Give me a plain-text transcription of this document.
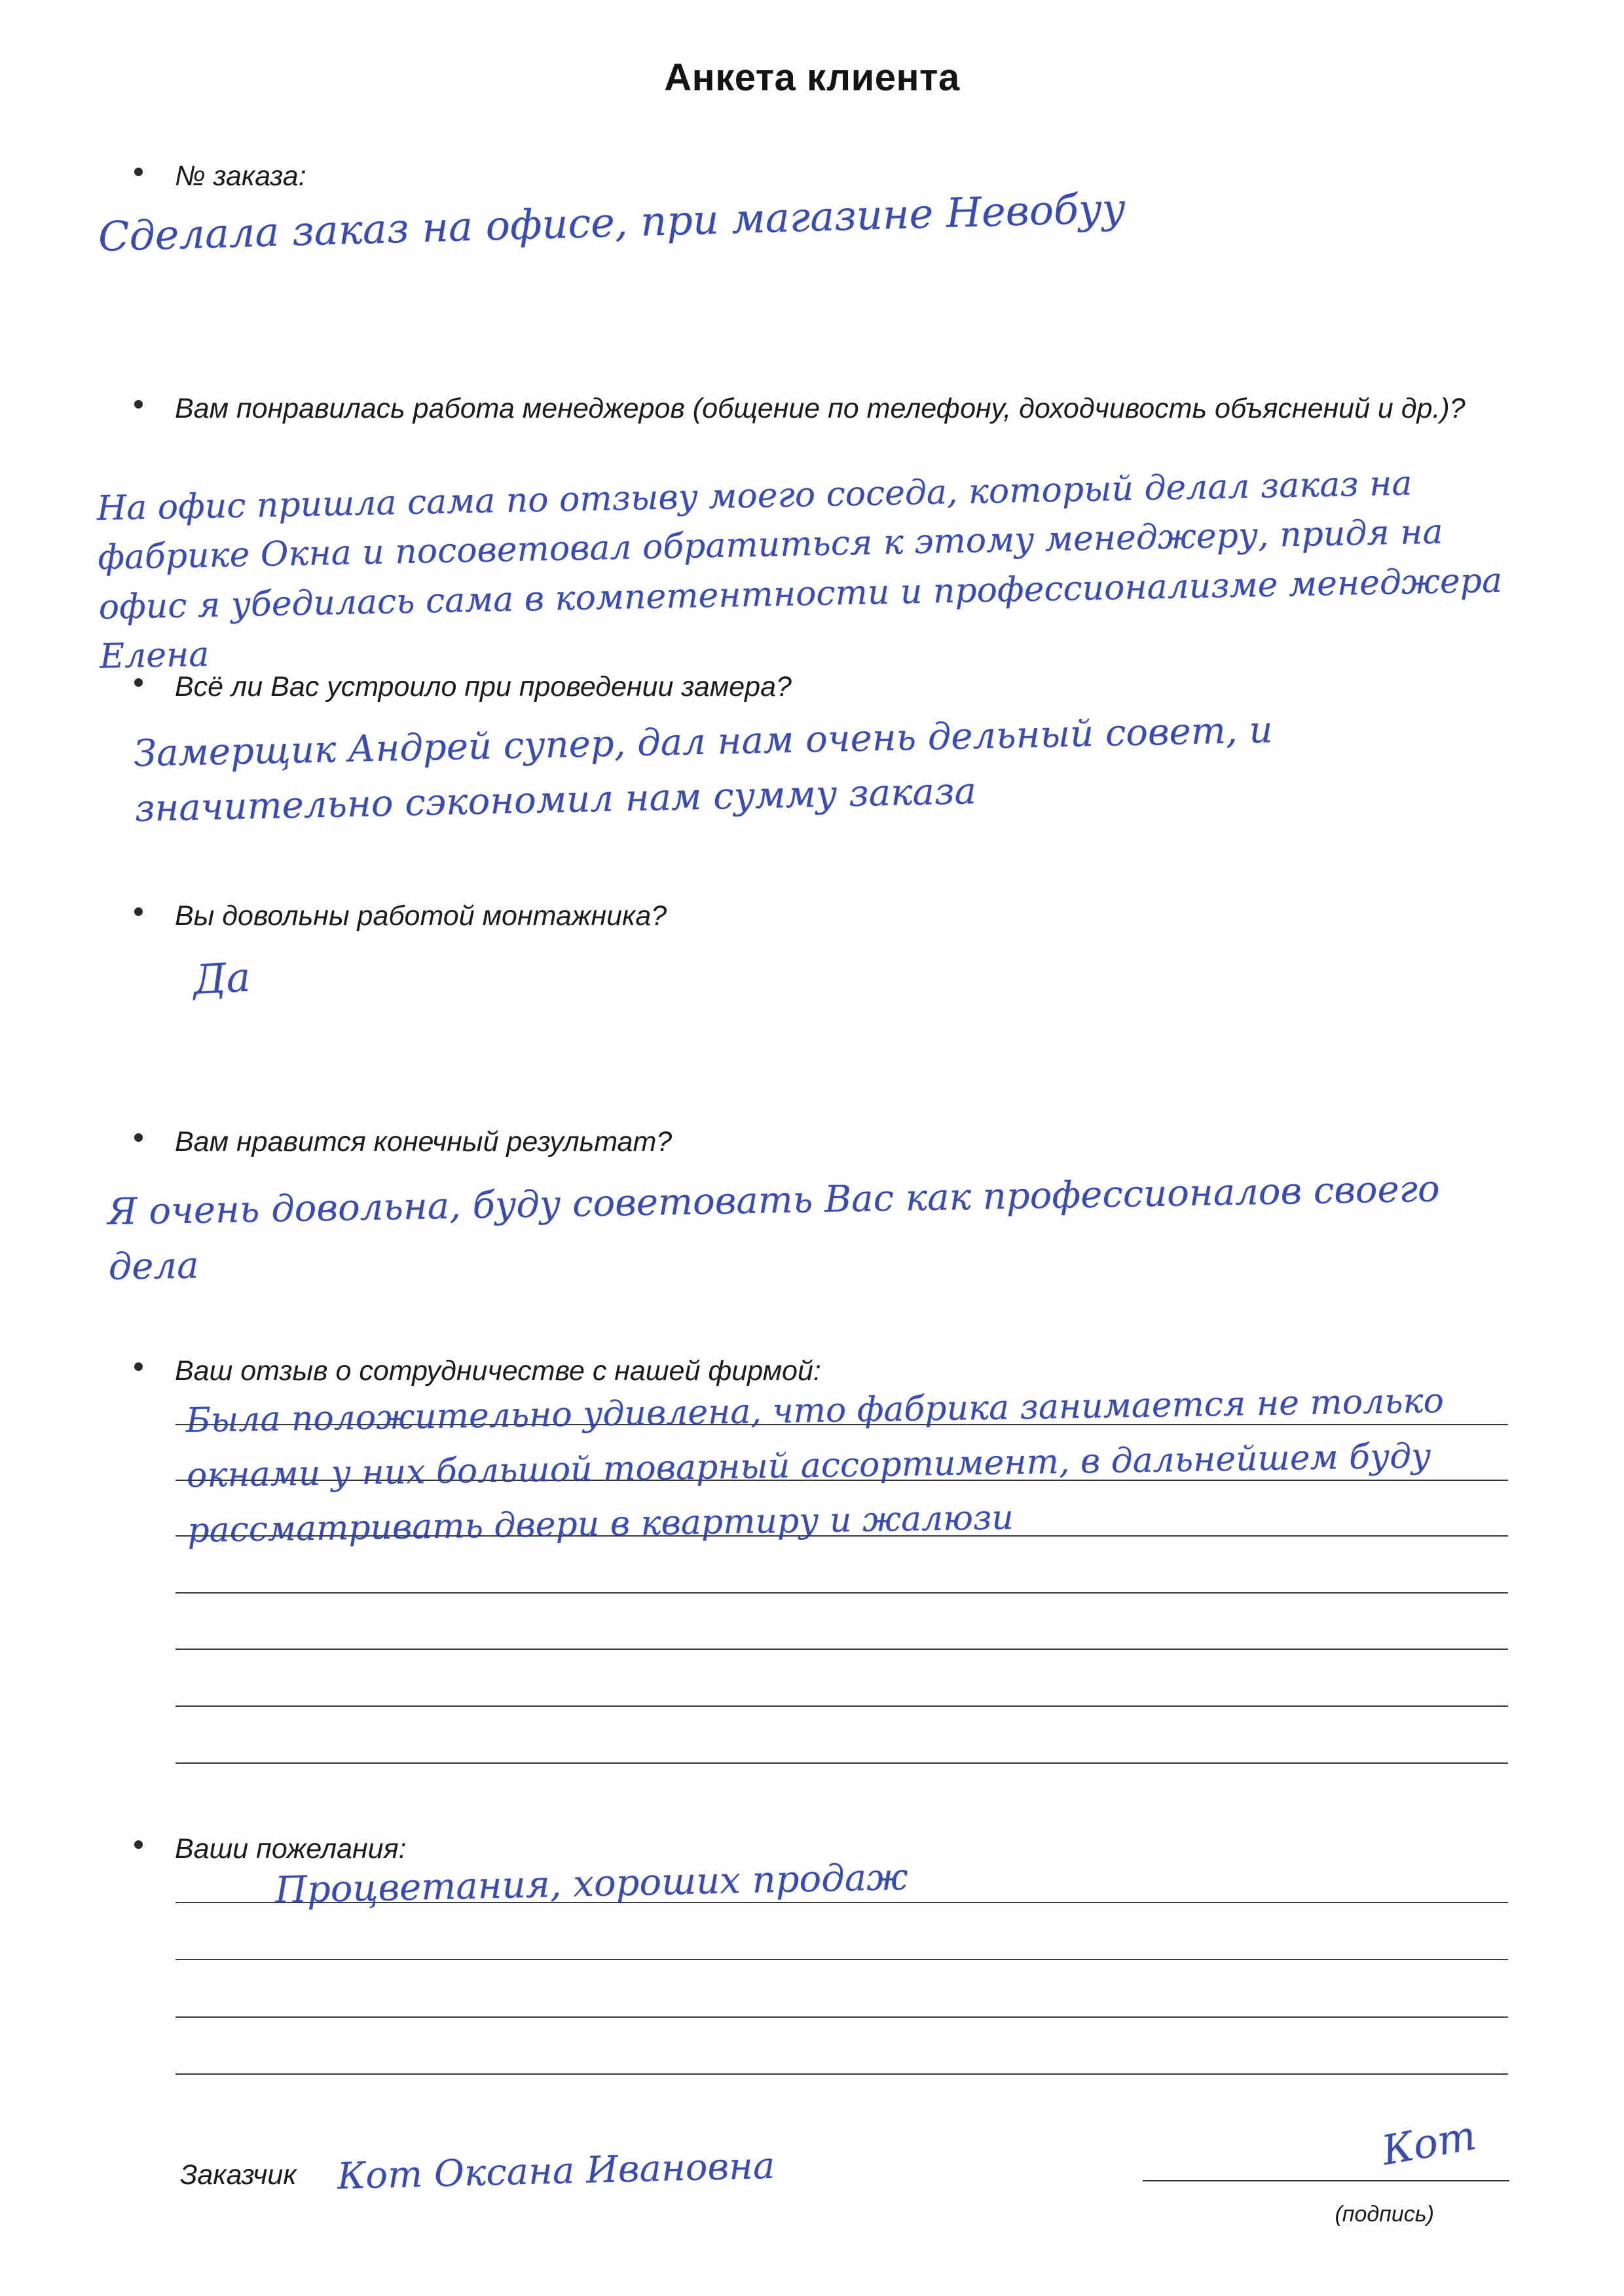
Анкета клиента
№ заказа:
Сделала заказ на офисе, при магазине Невобуу
Вам понравилась работа менеджеров (общение по телефону, доходчивость объяснений и др.)?
На офис пришла сама по отзыву моего соседа, который делал заказ на фабрике Окна и посоветовал обратиться к этому менеджеру, придя на офис я убедилась сама в компетентности и профессионализме менеджера Елена
Всё ли Вас устроило при проведении замера?
Замерщик Андрей супер, дал нам очень дельный совет, и значительно сэкономил нам сумму заказа
Вы довольны работой монтажника?
Да
Вам нравится конечный результат?
Я очень довольна, буду советовать Вас как профессионалов своего дела
Ваш отзыв о сотрудничестве с нашей фирмой:
Была положительно удивлена, что фабрика занимается не только окнами у них большой товарный ассортимент, в дальнейшем буду рассматривать двери в квартиру и жалюзи
Ваши пожелания:
Процветания, хороших продаж
Заказчик Кот Оксана Ивановна	Кот
(подпись)
